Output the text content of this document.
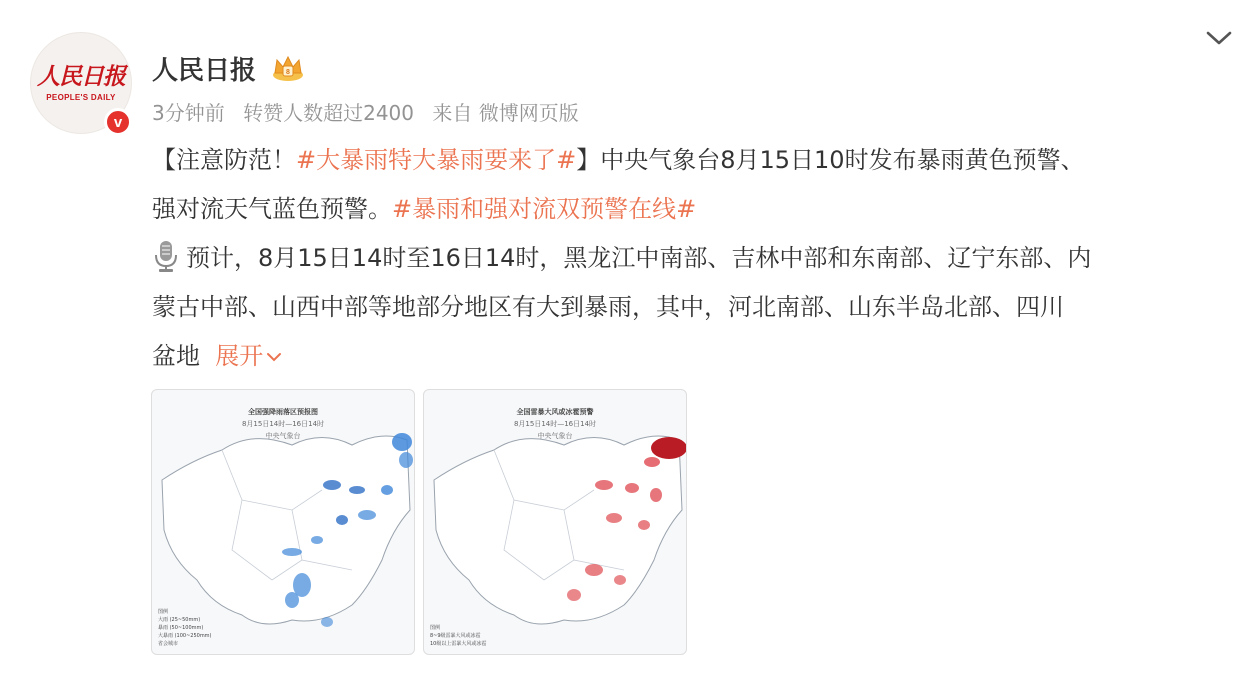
人民日报
PEOPLE'S DAILY
v
人民日报	8
3分钟前 转赞人数超过2400 来自 微博网页版

【注意防范！#大暴雨特大暴雨要来了#】中央气象台8月15日10时发布暴雨黄色预警、

强对流天气蓝色预警。#暴雨和强对流双预警在线#

预计，8月15日14时至16日14时，黑龙江中南部、吉林中部和东南部、辽宁东部、内

蒙古中部、山西中部等地部分地区有大到暴雨，其中，河北南部、山东半岛北部、四川

盆地 展开

全国强降雨落区预报图
8月15日14时—16日14时
中央气象台
图例
大雨 (25~50mm)
暴雨 (50~100mm)
大暴雨 (100~250mm)
省会城市
全国雷暴大风或冰雹预警
8月15日14时—16日14时
中央气象台
图例
8~9级雷暴大风或冰雹
10级以上雷暴大风或冰雹
